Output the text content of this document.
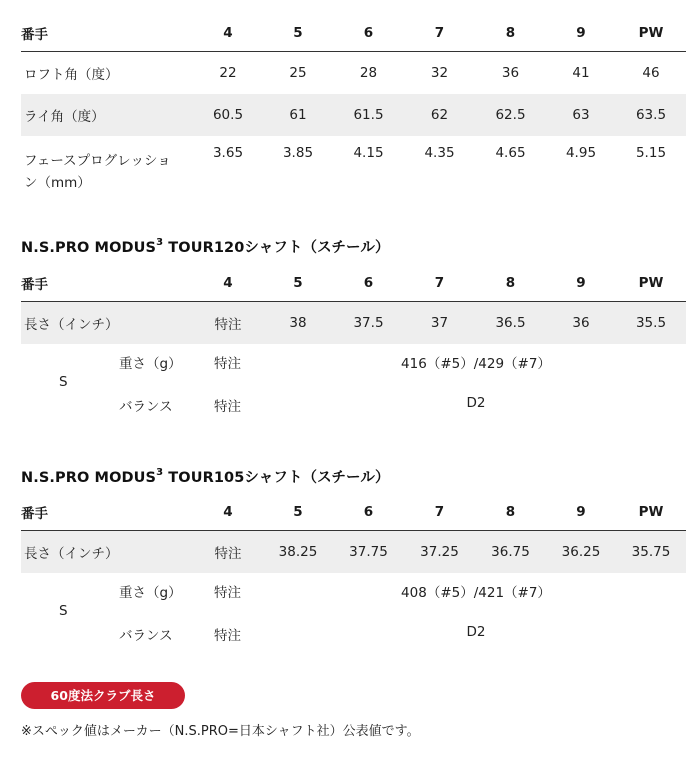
番手	4	5	6	7	8	9	PW
ロフト角（度）	22	25	28	32	36	41	46
ライ角（度）	60.5	61	61.5	62	62.5	63	63.5
フェースプログレッショ
ン（mm）	3.65	3.85	4.15	4.35	4.65	4.95	5.15
N.S.PRO MODUS$^3$ TOUR120シャフト（スチール）
番手	4	5	6	7	8	9	PW
長さ（インチ）	特注	38	37.5	37	36.5	36	35.5
S
重さ（g） 特注	416（#5）/429（#7）
バランス	特注	D2
N.S.PRO MODUS$^3$ TOUR105シャフト（スチール）
番手	4	5	6	7	8	9	PW
長さ（インチ）	特注	38.25	37.75	37.25	36.75	36.25	35.75
S
重さ（g） 特注	408（#5）/421（#7）
バランス	特注	D2
60度法クラブ長さ
※スペック値はメーカー（N.S.PRO=日本シャフト社）公表値です。
